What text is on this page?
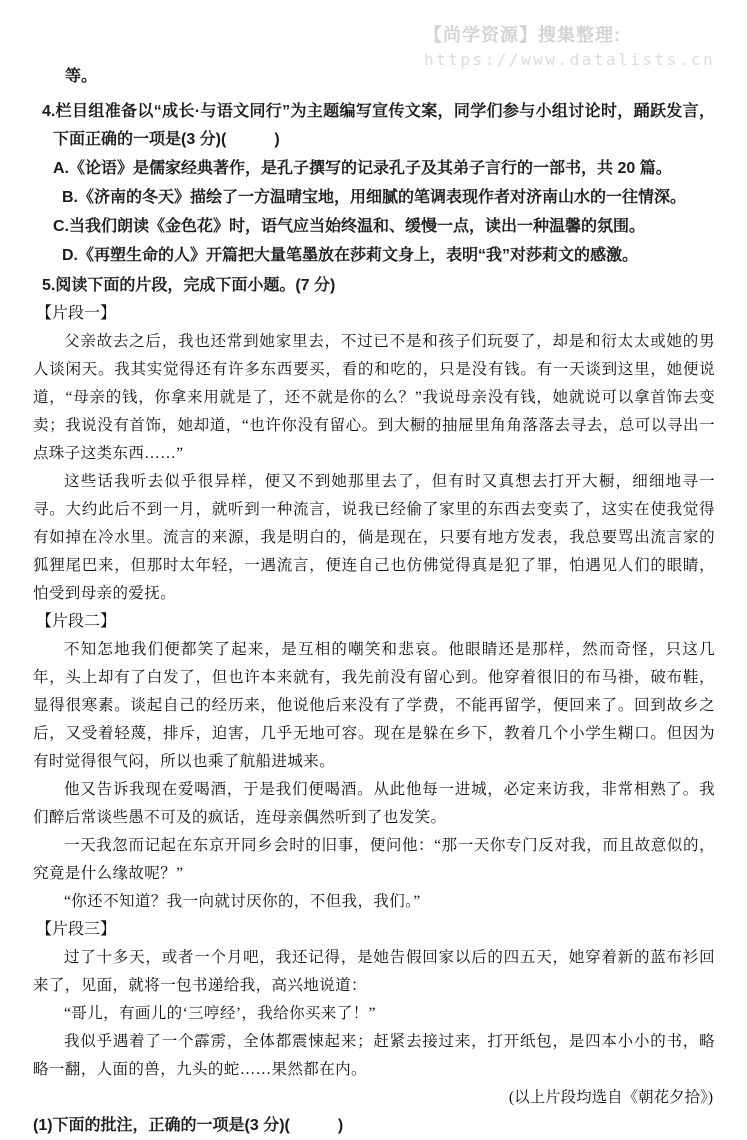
【尚学资源】搜集整理:
https://www.datalists.cn
等。
4.栏目组准备以“成长·与语文同行”为主题编写宣传文案，同学们参与小组讨论时，踊跃发言，下面正确的一项是(3 分)(　　　)
A.《论语》是儒家经典著作，是孔子撰写的记录孔子及其弟子言行的一部书，共 20 篇。
B.《济南的冬天》描绘了一方温晴宝地，用细腻的笔调表现作者对济南山水的一往情深。
C.当我们朗读《金色花》时，语气应当始终温和、缓慢一点，读出一种温馨的氛围。
D.《再塑生命的人》开篇把大量笔墨放在莎莉文身上，表明“我”对莎莉文的感激。
5.阅读下面的片段，完成下面小题。(7 分)
【片段一】

父亲故去之后，我也还常到她家里去，不过已不是和孩子们玩耍了，却是和衍太太或她的男人谈闲天。我其实觉得还有许多东西要买，看的和吃的，只是没有钱。有一天谈到这里，她便说道，“母亲的钱，你拿来用就是了，还不就是你的么？”我说母亲没有钱，她就说可以拿首饰去变卖；我说没有首饰，她却道，“也许你没有留心。到大橱的抽屉里角角落落去寻去，总可以寻出一点珠子这类东西……”

这些话我听去似乎很异样，便又不到她那里去了，但有时又真想去打开大橱，细细地寻一寻。大约此后不到一月，就听到一种流言，说我已经偷了家里的东西去变卖了，这实在使我觉得有如掉在冷水里。流言的来源，我是明白的，倘是现在，只要有地方发表，我总要骂出流言家的狐狸尾巴来，但那时太年轻，一遇流言，便连自己也仿佛觉得真是犯了罪，怕遇见人们的眼睛，怕受到母亲的爱抚。

【片段二】

不知怎地我们便都笑了起来，是互相的嘲笑和悲哀。他眼睛还是那样，然而奇怪，只这几年，头上却有了白发了，但也许本来就有，我先前没有留心到。他穿着很旧的布马褂，破布鞋，显得很寒素。谈起自己的经历来，他说他后来没有了学费，不能再留学，便回来了。回到故乡之后，又受着轻蔑，排斥，迫害，几乎无地可容。现在是躲在乡下，教着几个小学生糊口。但因为有时觉得很气闷，所以也乘了航船进城来。

他又告诉我现在爱喝酒，于是我们便喝酒。从此他每一进城，必定来访我，非常相熟了。我们醉后常谈些愚不可及的疯话，连母亲偶然听到了也发笑。

一天我忽而记起在东京开同乡会时的旧事，便问他：“那一天你专门反对我，而且故意似的，究竟是什么缘故呢？”

“你还不知道？我一向就讨厌你的，不但我，我们。”

【片段三】

过了十多天，或者一个月吧，我还记得，是她告假回家以后的四五天，她穿着新的蓝布衫回来了，见面，就将一包书递给我，高兴地说道：

“哥儿，有画儿的‘三哼经’，我给你买来了！”

我似乎遇着了一个霹雳，全体都震悚起来；赶紧去接过来，打开纸包，是四本小小的书，略略一翻，人面的兽，九头的蛇……果然都在内。

(以上片段均选自《朝花夕拾》)
(1)下面的批注，正确的一项是(3 分)(　　　)
